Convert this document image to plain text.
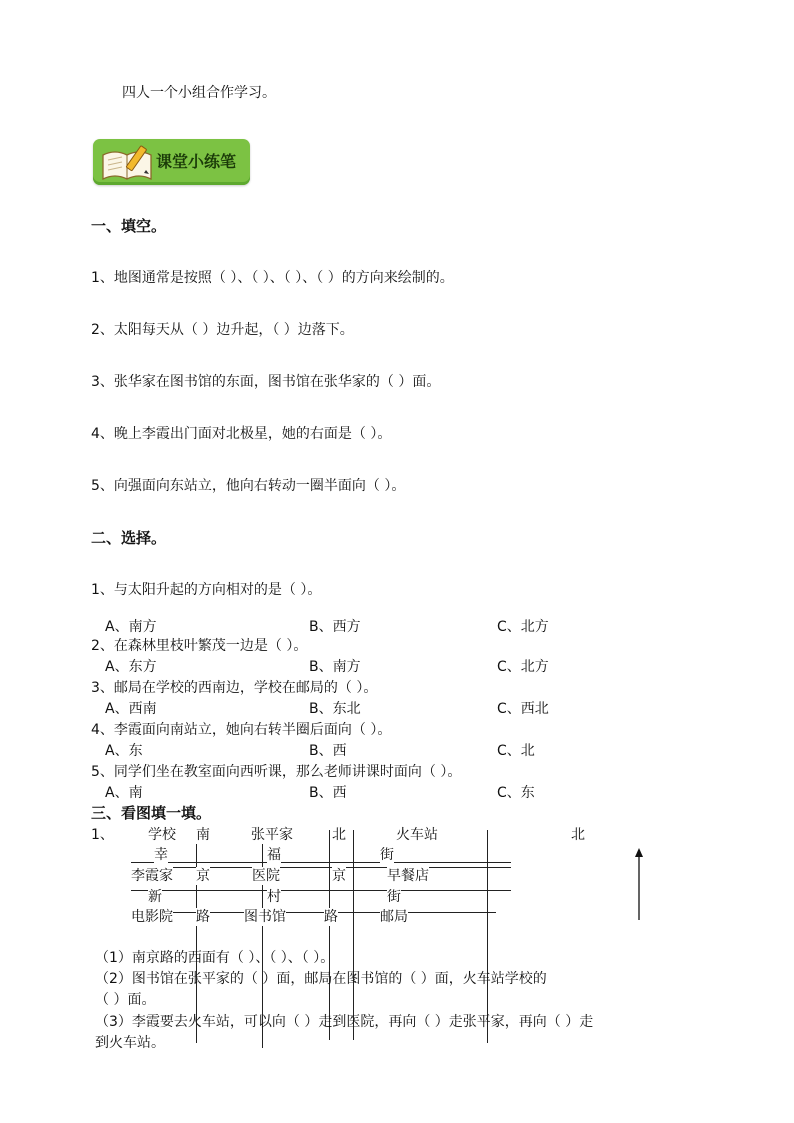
四人一个小组合作学习。
课堂小练笔
一、填空。
1、地图通常是按照（ ）、（ ）、（ ）、（ ）的方向来绘制的。
2、太阳每天从（ ）边升起，（ ）边落下。
3、张华家在图书馆的东面，图书馆在张华家的（ ）面。
4、晚上李霞出门面对北极星，她的右面是（ ）。
5、向强面向东站立，他向右转动一圈半面向（ ）。
二、选择。
1、与太阳升起的方向相对的是（ ）。
A、南方	B、西方	C、北方
2、在森林里枝叶繁茂一边是（ ）。
A、东方	B、南方	C、北方
3、邮局在学校的西南边，学校在邮局的（ ）。
A、西南	B、东北	C、西北
4、李霞面向南站立，她向右转半圈后面向（ ）。
A、东	B、西	C、北
5、同学们坐在教室面向西听课，那么老师讲课时面向（ ）。
A、南	B、西	C、东
三、看图填一填。
1、 学校 南	张平家	北	火车站	北
幸	福	街
李霞家 京	医院	京	早餐店
新	村	街
电影院 路 图书馆	路	邮局
（1）南京路的西面有（ ）、（ ）、（ ）。
（2）图书馆在张平家的（ ）面，邮局在图书馆的（ ）面，火车站学校的
（ ）面。
（3）李霞要去火车站，可以向（ ）走到医院，再向（ ）走张平家，再向（ ）走
到火车站。
